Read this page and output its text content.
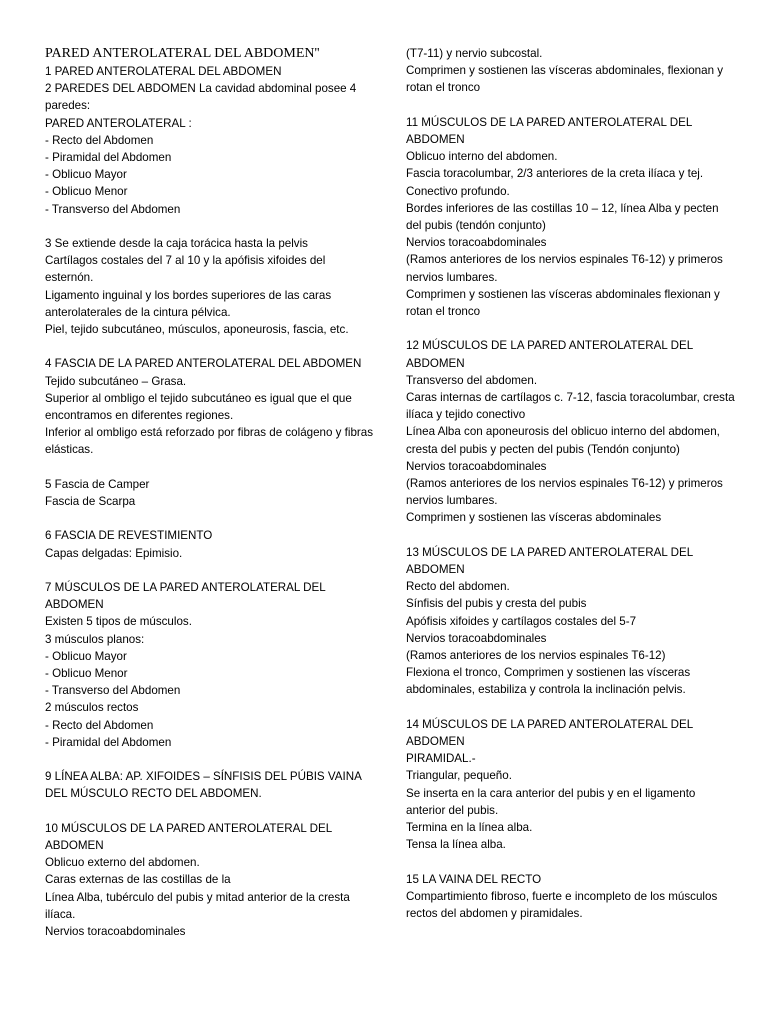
PARED ANTEROLATERAL DEL ABDOMEN''
1 PARED ANTEROLATERAL DEL ABDOMEN
2 PAREDES DEL ABDOMEN La cavidad abdominal posee 4 paredes:
PARED ANTEROLATERAL :
- Recto del Abdomen
- Piramidal del Abdomen
- Oblicuo Mayor
- Oblicuo Menor
- Transverso del Abdomen
3 Se extiende desde la caja torácica hasta la pelvis
Cartílagos costales del 7 al 10 y la apófisis xifoides del esternón.
Ligamento inguinal y los bordes superiores de las caras anterolaterales de la cintura pélvica.
Piel, tejido subcutáneo, músculos, aponeurosis, fascia, etc.
4 FASCIA DE LA PARED ANTEROLATERAL DEL ABDOMEN
Tejido subcutáneo – Grasa.
Superior al ombligo el tejido subcutáneo es igual que el que encontramos en diferentes regiones.
Inferior al ombligo está reforzado por fibras de colágeno y fibras elásticas.
5 Fascia de Camper
Fascia de Scarpa
6 FASCIA DE REVESTIMIENTO
Capas delgadas: Epimisio.
7 MÚSCULOS DE LA PARED ANTEROLATERAL DEL ABDOMEN
Existen 5 tipos de músculos.
3 músculos planos:
- Oblicuo Mayor
- Oblicuo Menor
- Transverso del Abdomen
2 músculos rectos
- Recto del Abdomen
- Piramidal del Abdomen
9 LÍNEA ALBA: AP. XIFOIDES – SÍNFISIS DEL PÚBIS VAINA DEL MÚSCULO RECTO DEL ABDOMEN.
10 MÚSCULOS DE LA PARED ANTEROLATERAL DEL ABDOMEN
Oblicuo externo del abdomen.
Caras externas de las costillas de la
Línea Alba, tubérculo del pubis y mitad anterior de la cresta ilíaca.
Nervios toracoabdominales
(T7-11) y nervio subcostal.
Comprimen y sostienen las vísceras abdominales, flexionan y rotan el tronco
11 MÚSCULOS DE LA PARED ANTEROLATERAL DEL ABDOMEN
Oblicuo interno del abdomen.
Fascia toracolumbar, 2/3 anteriores de la creta ilíaca y tej. Conectivo profundo.
Bordes inferiores de las costillas 10 – 12, línea Alba y pecten del pubis (tendón conjunto)
Nervios toracoabdominales
(Ramos anteriores de los nervios espinales T6-12) y primeros nervios lumbares.
Comprimen y sostienen las vísceras abdominales flexionan y rotan el tronco
12 MÚSCULOS DE LA PARED ANTEROLATERAL DEL ABDOMEN
Transverso del abdomen.
Caras internas de cartílagos c. 7-12, fascia toracolumbar, cresta ilíaca y tejido conectivo
Línea Alba con aponeurosis del oblicuo interno del abdomen, cresta del pubis y pecten del pubis (Tendón conjunto)
Nervios toracoabdominales
(Ramos anteriores de los nervios espinales T6-12) y primeros nervios lumbares.
Comprimen y sostienen las vísceras abdominales
13 MÚSCULOS DE LA PARED ANTEROLATERAL DEL ABDOMEN
Recto del abdomen.
Sínfisis del pubis y cresta del pubis
Apófisis xifoides y cartílagos costales del 5-7
Nervios toracoabdominales
(Ramos anteriores de los nervios espinales T6-12)
Flexiona el tronco, Comprimen y sostienen las vísceras abdominales, estabiliza y controla la inclinación pelvis.
14 MÚSCULOS DE LA PARED ANTEROLATERAL DEL ABDOMEN
PIRAMIDAL.-
Triangular, pequeño.
Se inserta en la cara anterior del pubis y en el ligamento anterior del pubis.
Termina en la línea alba.
Tensa la línea alba.
15 LA VAINA DEL RECTO
Compartimiento fibroso, fuerte e incompleto de los músculos rectos del abdomen y piramidales.
